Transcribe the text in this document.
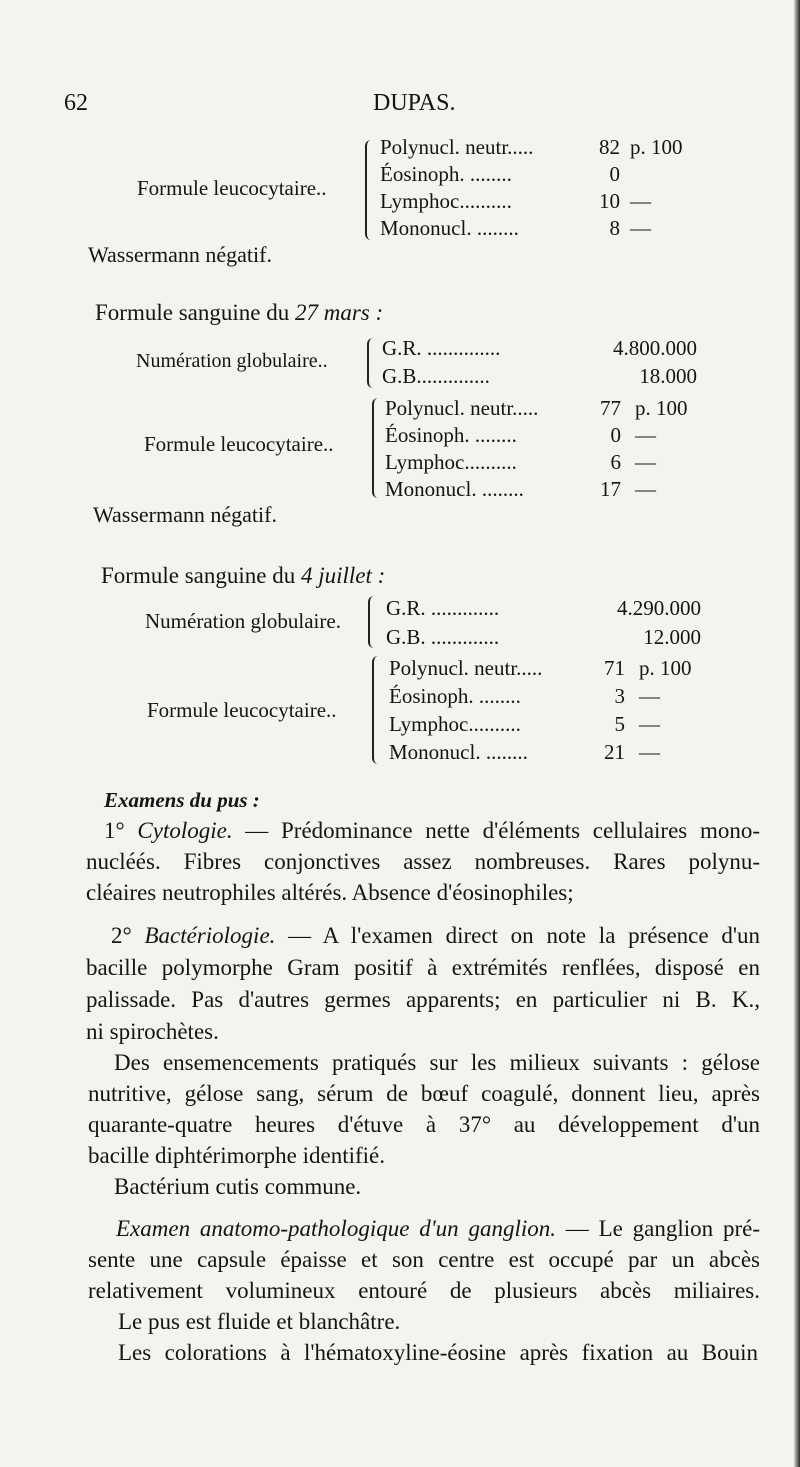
62	DUPAS.
Formule leucocytaire..
Polynucl. neutr.....	82 p. 100
Éosinoph. ........	0
Lymphoc..........	10 —
Mononucl. ........	8 —
Wassermann négatif.
Formule sanguine du 27 mars :
Numération globulaire..
G.R. ..............	4.800.000
G.B..............	18.000
Formule leucocytaire..
Polynucl. neutr.....	77 p. 100
Éosinoph. ........	0 —
Lymphoc..........	6 —
Mononucl. ........	17 —
Wassermann négatif.
Formule sanguine du 4 juillet :
Numération globulaire.
G.R. .............	4.290.000
G.B. .............	12.000
Formule leucocytaire..
Polynucl. neutr.....	71 p. 100
Éosinoph. ........	3 —
Lymphoc..........	5 —
Mononucl. ........	21 —
Examens du pus :
1° Cytologie. — Prédominance nette d'éléments cellulaires mono-
nucléés. Fibres conjonctives assez nombreuses. Rares polynu-
cléaires neutrophiles altérés. Absence d'éosinophiles;
2° Bactériologie. — A l'examen direct on note la présence d'un
bacille polymorphe Gram positif à extrémités renflées, disposé en
palissade. Pas d'autres germes apparents; en particulier ni B. K.,
ni spirochètes.
Des ensemencements pratiqués sur les milieux suivants : gélose
nutritive, gélose sang, sérum de bœuf coagulé, donnent lieu, après
quarante-quatre heures d'étuve à 37° au développement d'un
bacille diphtérimorphe identifié.
Bactérium cutis commune.
Examen anatomo-pathologique d'un ganglion. — Le ganglion pré-
sente une capsule épaisse et son centre est occupé par un abcès
relativement volumineux entouré de plusieurs abcès miliaires.
Le pus est fluide et blanchâtre.
Les colorations à l'hématoxyline-éosine après fixation au Bouin
